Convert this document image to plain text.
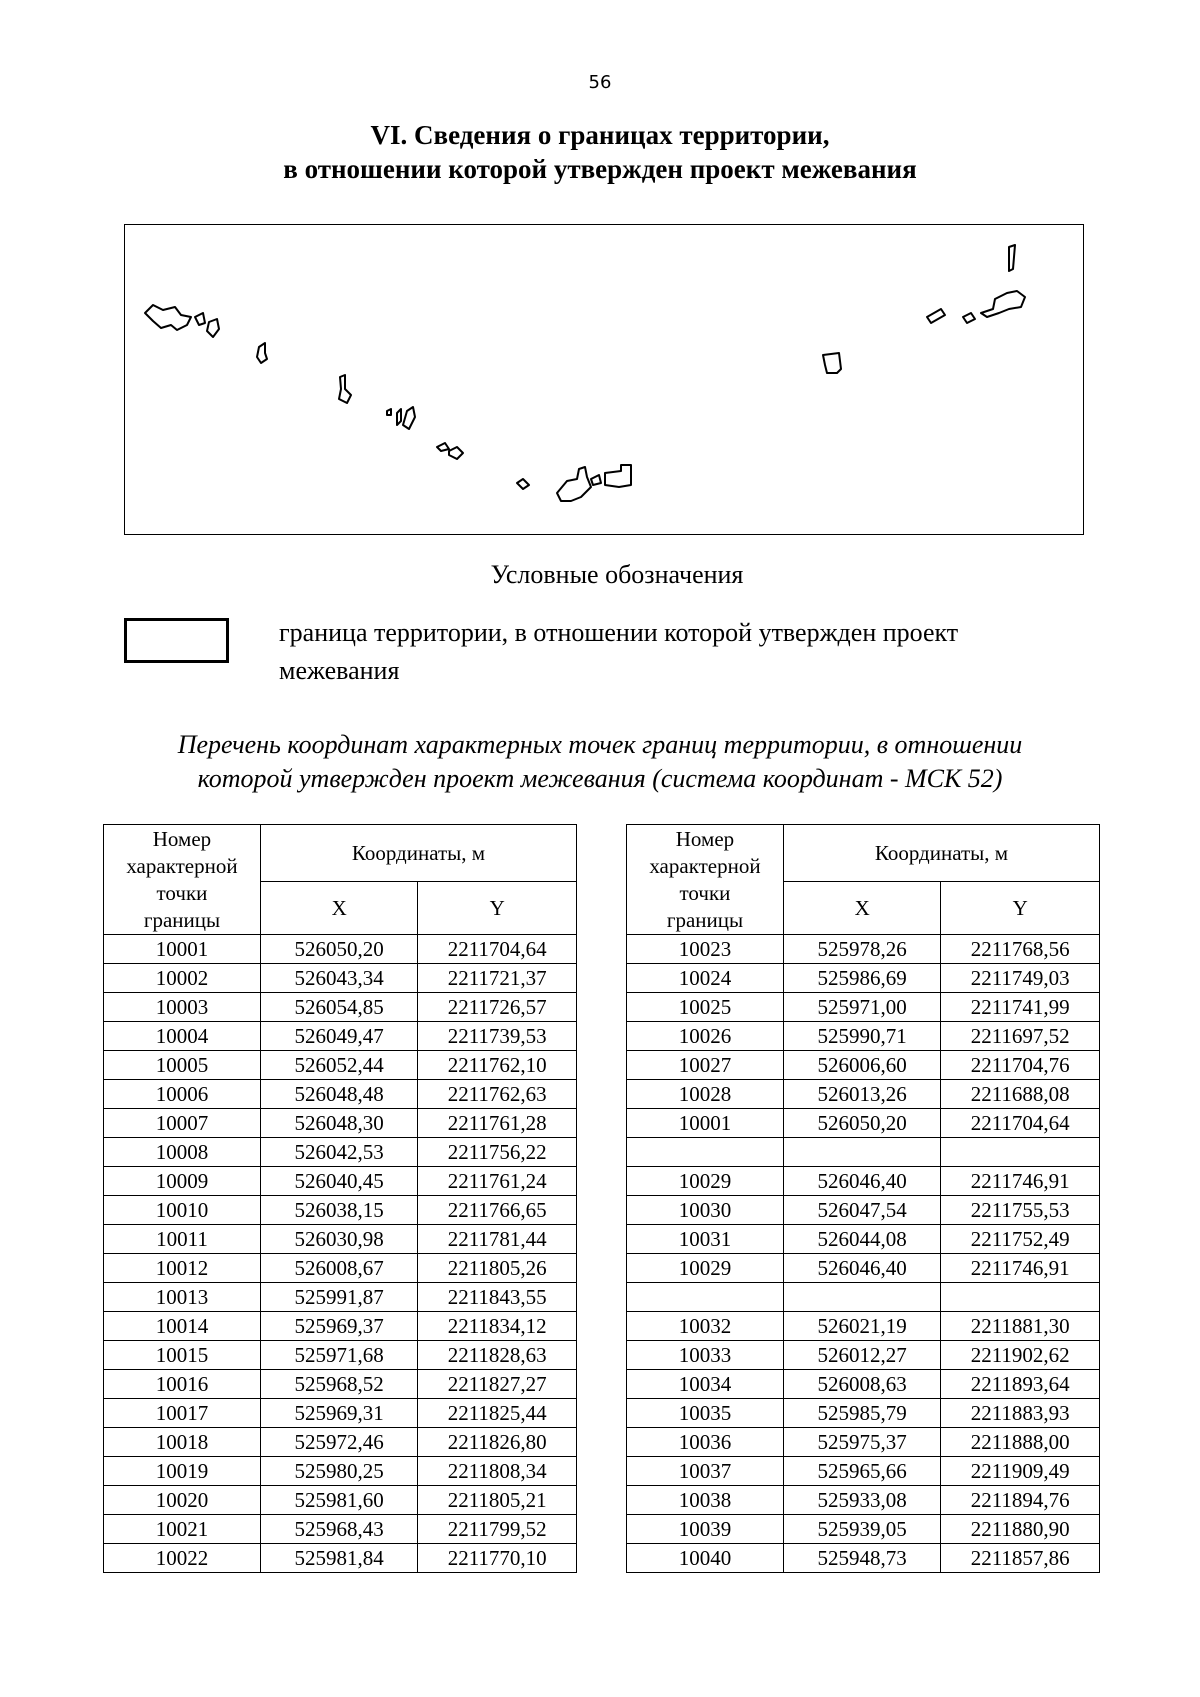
56
VI. Сведения о границах территории,
в отношении которой утвержден проект межевания
Условные обозначения
граница территории, в отношении которой утвержден проект
межевания
Перечень координат характерных точек границ территории, в отношении
которой утвержден проект межевания (система координат - МСК 52)
Номер
характерной
точки
границы	Координаты, м	
	X	Y
10001	526050,20	2211704,64
10002	526043,34	2211721,37
10003	526054,85	2211726,57
10004	526049,47	2211739,53
10005	526052,44	2211762,10
10006	526048,48	2211762,63
10007	526048,30	2211761,28
10008	526042,53	2211756,22
10009	526040,45	2211761,24
10010	526038,15	2211766,65
10011	526030,98	2211781,44
10012	526008,67	2211805,26
10013	525991,87	2211843,55
10014	525969,37	2211834,12
10015	525971,68	2211828,63
10016	525968,52	2211827,27
10017	525969,31	2211825,44
10018	525972,46	2211826,80
10019	525980,25	2211808,34
10020	525981,60	2211805,21
10021	525968,43	2211799,52
10022	525981,84	2211770,10
Номер
характерной
точки
границы	Координаты, м	
	X	Y
10023	525978,26	2211768,56
10024	525986,69	2211749,03
10025	525971,00	2211741,99
10026	525990,71	2211697,52
10027	526006,60	2211704,76
10028	526013,26	2211688,08
10001	526050,20	2211704,64

10029	526046,40	2211746,91
10030	526047,54	2211755,53
10031	526044,08	2211752,49
10029	526046,40	2211746,91

10032	526021,19	2211881,30
10033	526012,27	2211902,62
10034	526008,63	2211893,64
10035	525985,79	2211883,93
10036	525975,37	2211888,00
10037	525965,66	2211909,49
10038	525933,08	2211894,76
10039	525939,05	2211880,90
10040	525948,73	2211857,86
